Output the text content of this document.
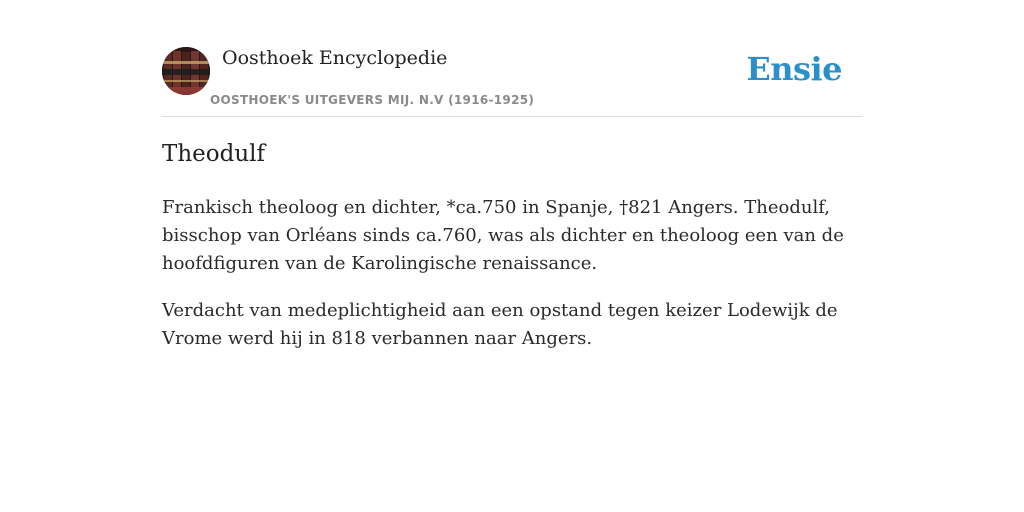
Oosthoek Encyclopedie
OOSTHOEK'S UITGEVERS MIJ. N.V (1916-1925)
Ensie
Theodulf

Frankisch theoloog en dichter, *ca.750 in Spanje, †821 Angers. Theodulf, bisschop van Orléans sinds ca.760, was als dichter en theoloog een van de hoofdfiguren van de Karolingische renaissance.

Verdacht van medeplichtigheid aan een opstand tegen keizer Lodewijk de Vrome werd hij in 818 verbannen naar Angers.
